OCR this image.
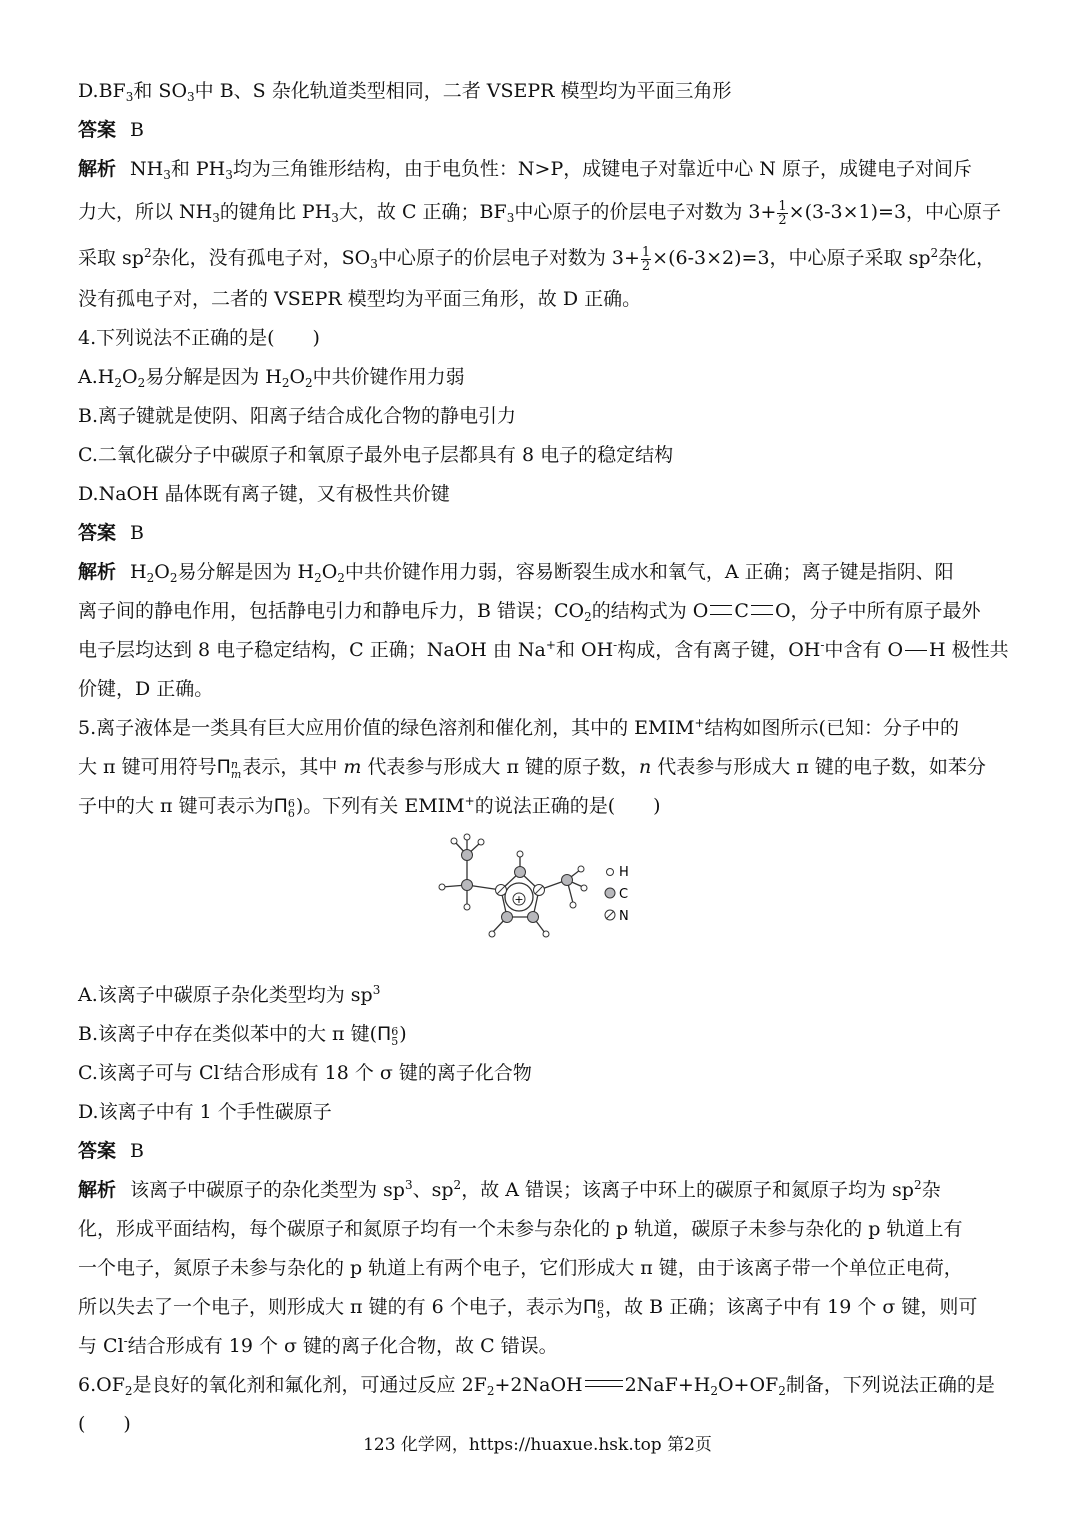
$D.BF_3$和 $SO_3$中 B、S 杂化轨道类型相同，二者 VSEPR 模型均为平面三角形
答案 B
解析 $NH_3$和 $PH_3$均为三角锥形结构，由于电负性：N>P，成键电子对靠近中心 N 原子，成键电子对间斥
力大，所以 $NH_3$的键角比 $PH_3$大，故 C 正确；$BF_3$中心原子的价层电子对数为 $3+ \frac{1}{2} \times(3-3\times 1)=3$，中心原子
采取 $sp^2$杂化，没有孤电子对，$SO_3$中心原子的价层电子对数为 $3+ \frac{1}{2} \times(6-3\times 2)=3$，中心原子采取 $sp^2$杂化，
没有孤电子对，二者的 VSEPR 模型均为平面三角形，故 D 正确。
4.下列说法不正确的是(　　)
$A.H_2O_2$易分解是因为 $H_2O_2$中共价键作用力弱
B.离子键就是使阴、阳离子结合成化合物的静电引力
C.二氧化碳分子中碳原子和氧原子最外电子层都具有 8 电子的稳定结构
D.NaOH 晶体既有离子键，又有极性共价键
答案 B
解析 $H_2O_2$易分解是因为 $H_2O_2$中共价键作用力弱，容易断裂生成水和氧气，A 正确；离子键是指阴、阳
离子间的静电作用，包括静电引力和静电斥力，B 错误；$CO_2$的结构式为 O C O，分子中所有原子最外
电子层均达到 8 电子稳定结构，C 正确；NaOH 由 Na+和 OH-构成，含有离子键，OH-中含有 O H 极性共
价键，D 正确。
5.离子液体是一类具有巨大应用价值的绿色溶剂和催化剂，其中的 EMIM+结构如图所示(已知：分子中的
大 π 键可用符号Π n
m 表示，其中 m 代表参与形成大 π 键的原子数，n 代表参与形成大 π 键的电子数，如苯分
子中的大 π 键可表示为Π 6
6 )。下列有关 EMIM+的说法正确的是(　　)
A.该离子中碳原子杂化类型均为 $sp^3$
B.该离子中存在类似苯中的大 π 键(Π 6
5 )
C.该离子可与 Cl-结合形成有 18 个 σ 键的离子化合物
D.该离子中有 1 个手性碳原子
答案 B
解析 该离子中碳原子的杂化类型为 $sp^3$、$sp^2$，故 A 错误；该离子中环上的碳原子和氮原子均为 $sp^2$杂
化，形成平面结构，每个碳原子和氮原子均有一个未参与杂化的 p 轨道，碳原子未参与杂化的 p 轨道上有
一个电子，氮原子未参与杂化的 p 轨道上有两个电子，它们形成大 π 键，由于该离子带一个单位正电荷，
所以失去了一个电子，则形成大 π 键的有 6 个电子，表示为Π 6
5 ，故 B 正确；该离子中有 19 个 σ 键，则可
与 Cl-结合形成有 19 个 σ 键的离子化合物，故 C 错误。
$6.OF_2$是良好的氧化剂和氟化剂，可通过反应 $2F_2+2NaOH$ $2NaF+H_2O+OF_2$制备，下列说法正确的是
(　　)
+
H
C
N
123 化学网，https://huaxue.hsk.top 第2页
